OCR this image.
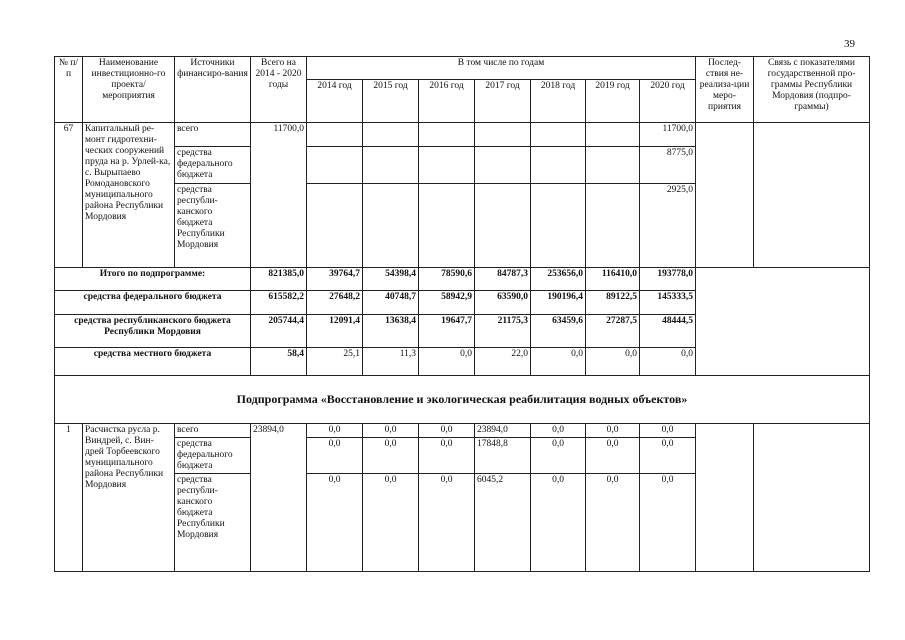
39
№ п/п	Наименование инвестиционно-го проекта/ мероприятия	Источники финансиро-вания	Всего на 2014 - 2020 годы	В том числе по годам							Послед-ствия не-реализа-ции меро-приятия	Связь с показателями государственной про-граммы Республики Мордовия (подпро-граммы)
				2014 год	2015 год	2016 год	2017 год	2018 год	2019 год	2020 год		
67	Капитальный ре-монт гидротехни-ческих сооружений пруда на р. Урлей-ка, с. Вырыпаево Ромодановского муниципального района Республики Мордовия	всего	11700,0							11700,0		
		средства федерального бюджета								8775,0		
		средства республи-канского бюджета Республики Мордовия								2925,0		
Итого по подпрограмме:			821385,0	39764,7	54398,4	78590,6	84787,3	253656,0	116410,0	193778,0		
средства федерального бюджета			615582,2	27648,2	40748,7	58942,9	63590,0	190196,4	89122,5	145333,5		
средства республиканского бюджета Республики Мордовия			205744,4	12091,4	13638,4	19647,7	21175,3	63459,6	27287,5	48444,5		
средства местного бюджета			58,4	25,1	11,3	0,0	22,0	0,0	0,0	0,0		
Подпрограмма «Восстановление и экологическая реабилитация водных объектов»												
1	Расчистка русла р. Виндрей, с. Вин-дрей Торбеевского муниципального района Республики Мордовия	всего	23894,0	0,0	0,0	0,0	23894,0	0,0	0,0	0,0		
		средства федерального бюджета		0,0	0,0	0,0	17848,8	0,0	0,0	0,0		
		средства республи-канского бюджета Республики Мордовия		0,0	0,0	0,0	6045,2	0,0	0,0	0,0		
